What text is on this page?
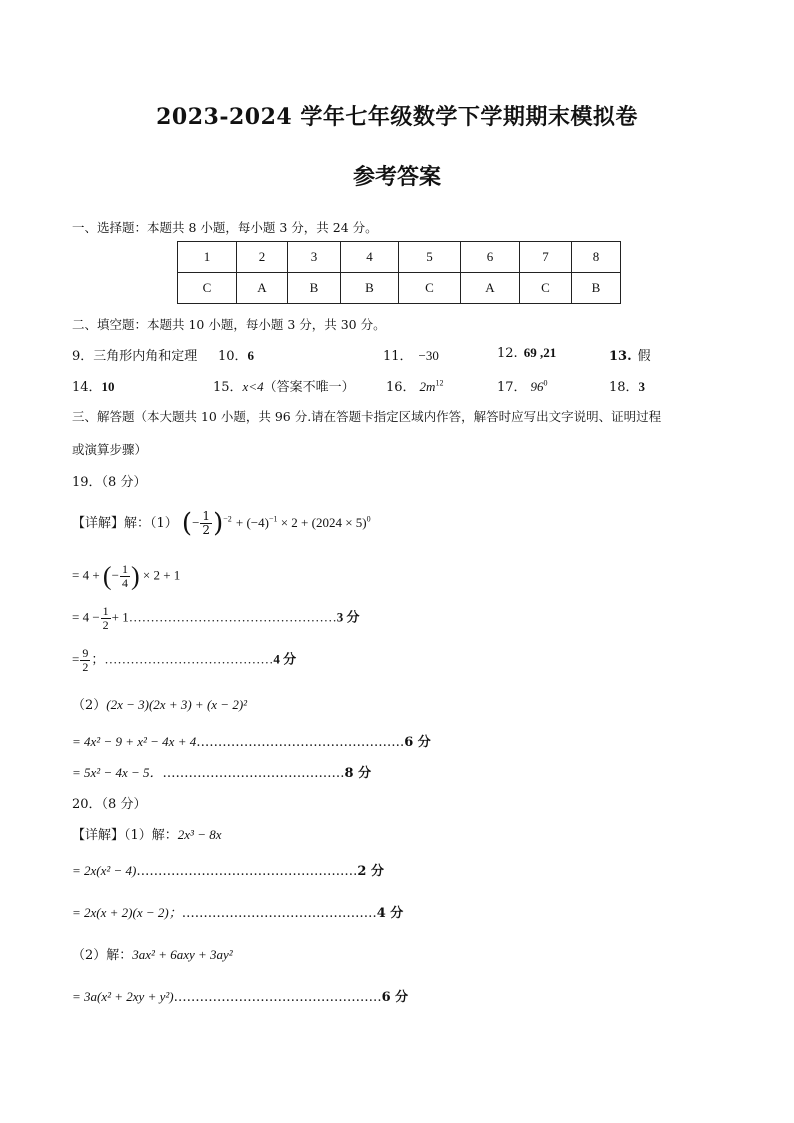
2023-2024 学年七年级数学下学期期末模拟卷
参考答案
一、选择题：本题共 8 小题，每小题 3 分，共 24 分。
1	2	3	4	5	6	7	8
C	A	B	B	C	A	C	B
二、填空题：本题共 10 小题，每小题 3 分，共 30 分。
9．三角形内角和定理 10．6	11． −30	12. 69 ,21	13. 假
14．10	15．x<4（答案不唯一） 16． $2m^{12}$	17． $96^0$	18．3
三、解答题（本大题共 10 小题，共 96 分.请在答题卡指定区域内作答，解答时应写出文字说明、证明过程
或演算步骤）
19．（8 分）
【详解】解：（1） (− $\frac{1}{2} )^{-2} + (-4)^{-1} \times 2 + (2024 \times 5)^0$
= 4 + (− $\frac{1}{4}$ ) × 2 + 1
= $4 - \frac{1}{2}$ + 1…………………………………………3 分
= $\frac{9}{2}$ ；…………………………………4 分
（2）(2x − 3)(2x + 3) + (x − 2)²
= 4x² − 9 + x² − 4x + 4…………………………………………6 分
= 5x² − 4x − 5．……………………………………8 分
20．（8 分）
【详解】（1）解：2x³ − 8x
= 2x(x² − 4)……………………………………………2 分
= 2x(x + 2)(x − 2)；………………………………………4 分
（2）解：3ax² + 6axy + 3ay²
= 3a(x² + 2xy + y²)…………………………………………6 分
